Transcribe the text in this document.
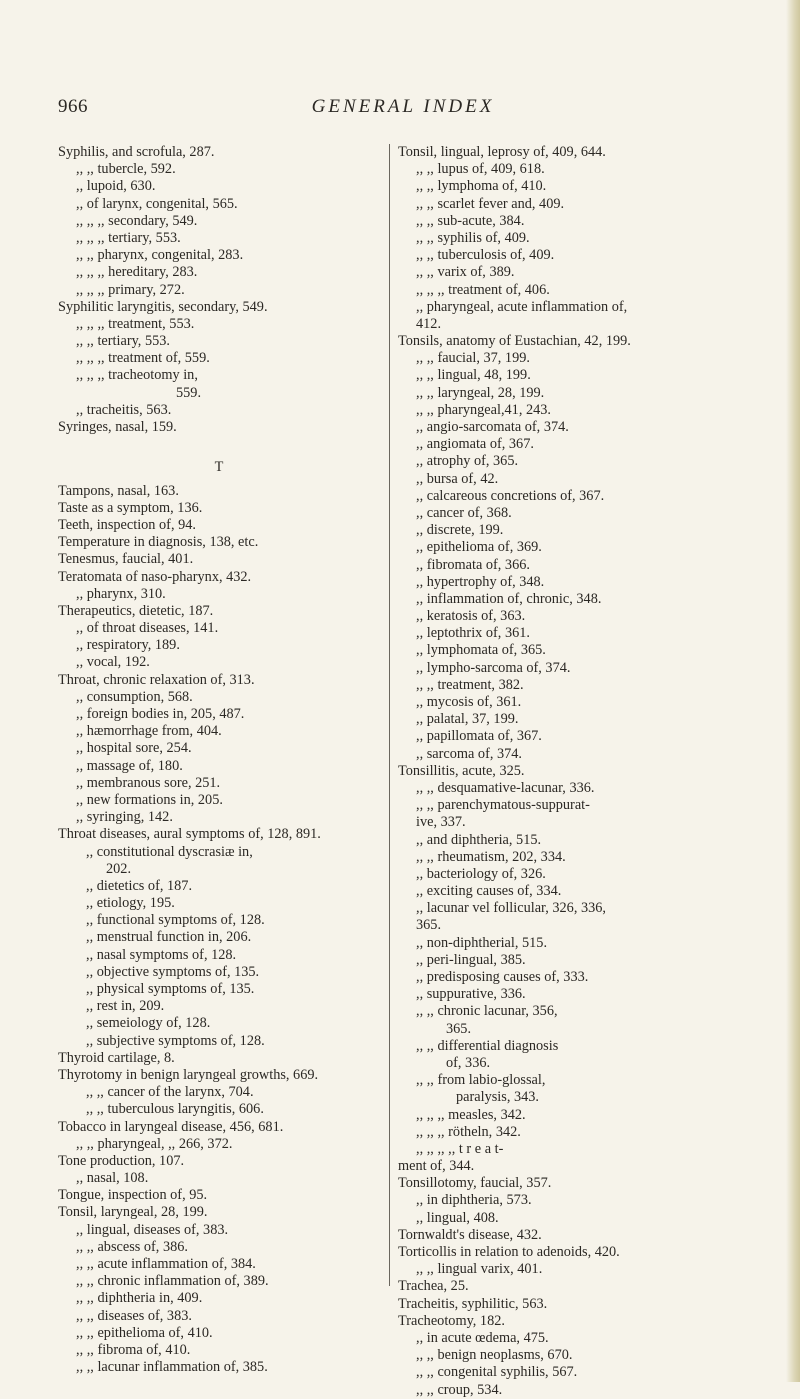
966	GENERAL INDEX
Syphilis, and scrofula, 287.
,, ,, tubercle, 592.
,, lupoid, 630.
,, of larynx, congenital, 565.
,, ,, ,, secondary, 549.
,, ,, ,, tertiary, 553.
,, ,, pharynx, congenital, 283.
,, ,, ,, hereditary, 283.
,, ,, ,, primary, 272.
Syphilitic laryngitis, secondary, 549.
,, ,, ,, treatment, 553.
,, ,, tertiary, 553.
,, ,, ,, treatment of, 559.
,, ,, ,, tracheotomy in,
559.
,, tracheitis, 563.
Syringes, nasal, 159.
T
Tampons, nasal, 163.
Taste as a symptom, 136.
Teeth, inspection of, 94.
Temperature in diagnosis, 138, etc.
Tenesmus, faucial, 401.
Teratomata of naso-pharynx, 432.
,, pharynx, 310.
Therapeutics, dietetic, 187.
,, of throat diseases, 141.
,, respiratory, 189.
,, vocal, 192.
Throat, chronic relaxation of, 313.
,, consumption, 568.
,, foreign bodies in, 205, 487.
,, hæmorrhage from, 404.
,, hospital sore, 254.
,, massage of, 180.
,, membranous sore, 251.
,, new formations in, 205.
,, syringing, 142.
Throat diseases, aural symptoms of, 128, 891.
,, constitutional dyscrasiæ in,
202.
,, dietetics of, 187.
,, etiology, 195.
,, functional symptoms of, 128.
,, menstrual function in, 206.
,, nasal symptoms of, 128.
,, objective symptoms of, 135.
,, physical symptoms of, 135.
,, rest in, 209.
,, semeiology of, 128.
,, subjective symptoms of, 128.
Thyroid cartilage, 8.
Thyrotomy in benign laryngeal growths, 669.
,, ,, cancer of the larynx, 704.
,, ,, tuberculous laryngitis, 606.
Tobacco in laryngeal disease, 456, 681.
,, ,, pharyngeal, ,, 266, 372.
Tone production, 107.
,, nasal, 108.
Tongue, inspection of, 95.
Tonsil, laryngeal, 28, 199.
,, lingual, diseases of, 383.
,, ,, abscess of, 386.
,, ,, acute inflammation of, 384.
,, ,, chronic inflammation of, 389.
,, ,, diphtheria in, 409.
,, ,, diseases of, 383.
,, ,, epithelioma of, 410.
,, ,, fibroma of, 410.
,, ,, lacunar inflammation of, 385.
Tonsil, lingual, leprosy of, 409, 644.
,, ,, lupus of, 409, 618.
,, ,, lymphoma of, 410.
,, ,, scarlet fever and, 409.
,, ,, sub-acute, 384.
,, ,, syphilis of, 409.
,, ,, tuberculosis of, 409.
,, ,, varix of, 389.
,, ,, ,, treatment of, 406.
,, pharyngeal, acute inflammation of,
412.
Tonsils, anatomy of Eustachian, 42, 199.
,, ,, faucial, 37, 199.
,, ,, lingual, 48, 199.
,, ,, laryngeal, 28, 199.
,, ,, pharyngeal,41, 243.
,, angio-sarcomata of, 374.
,, angiomata of, 367.
,, atrophy of, 365.
,, bursa of, 42.
,, calcareous concretions of, 367.
,, cancer of, 368.
,, discrete, 199.
,, epithelioma of, 369.
,, fibromata of, 366.
,, hypertrophy of, 348.
,, inflammation of, chronic, 348.
,, keratosis of, 363.
,, leptothrix of, 361.
,, lymphomata of, 365.
,, lympho-sarcoma of, 374.
,, ,, treatment, 382.
,, mycosis of, 361.
,, palatal, 37, 199.
,, papillomata of, 367.
,, sarcoma of, 374.
Tonsillitis, acute, 325.
,, ,, desquamative-lacunar, 336.
,, ,, parenchymatous-suppurat-
ive, 337.
,, and diphtheria, 515.
,, ,, rheumatism, 202, 334.
,, bacteriology of, 326.
,, exciting causes of, 334.
,, lacunar vel follicular, 326, 336,
365.
,, non-diphtherial, 515.
,, peri-lingual, 385.
,, predisposing causes of, 333.
,, suppurative, 336.
,, ,, chronic lacunar, 356,
365.
,, ,, differential diagnosis
of, 336.
,, ,, from labio-glossal,
paralysis, 343.
,, ,, ,, measles, 342.
,, ,, ,, rötheln, 342.
,, ,, ,, ,, t r e a t-
ment of, 344.
Tonsillotomy, faucial, 357.
,, in diphtheria, 573.
,, lingual, 408.
Tornwaldt's disease, 432.
Torticollis in relation to adenoids, 420.
,, ,, lingual varix, 401.
Trachea, 25.
Tracheitis, syphilitic, 563.
Tracheotomy, 182.
,, in acute œdema, 475.
,, ,, benign neoplasms, 670.
,, ,, congenital syphilis, 567.
,, ,, croup, 534.
